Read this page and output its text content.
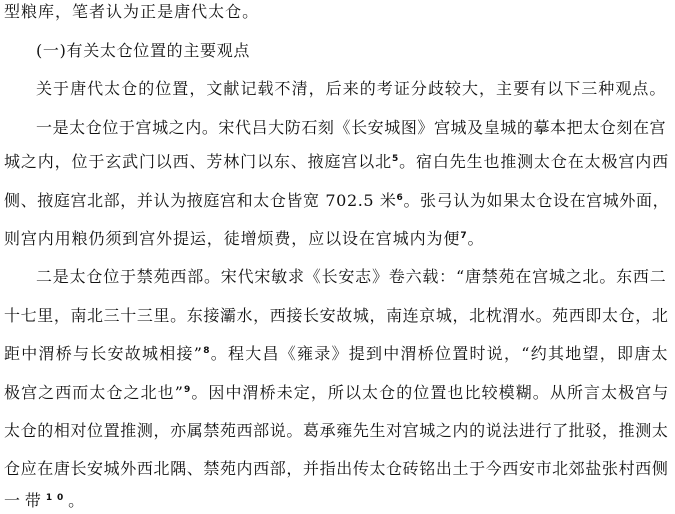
型粮库，笔者认为正是唐代太仓。
(一)有关太仓位置的主要观点
关于唐代太仓的位置，文献记载不清，后来的考证分歧较大，主要有以下三种观点。
一是太仓位于宫城之内。宋代吕大防石刻《长安城图》宫城及皇城的摹本把太仓刻在宫
城之内，位于玄武门以西、芳林门以东、掖庭宫以北$^5$。宿白先生也推测太仓在太极宫内西
侧、掖庭宫北部，并认为掖庭宫和太仓皆宽 702.5 米$^6$。张弓认为如果太仓设在宫城外面，
则宫内用粮仍须到宫外提运，徒增烦费，应以设在宫城内为便$^7$。
二是太仓位于禁苑西部。宋代宋敏求《长安志》卷六载：“唐禁苑在宫城之北。东西二
十七里，南北三十三里。东接灞水，西接长安故城，南连京城，北枕渭水。苑西即太仓，北
距中渭桥与长安故城相接”$^8$。程大昌《雍录》提到中渭桥位置时说，“约其地望，即唐太
极宫之西而太仓之北也”$^9$。因中渭桥未定，所以太仓的位置也比较模糊。从所言太极宫与
太仓的相对位置推测，亦属禁苑西部说。葛承雍先生对宫城之内的说法进行了批驳，推测太
仓应在唐长安城外西北隅、禁苑内西部，并指出传太仓砖铭出土于今西安市北郊盐张村西侧
一带$^{10}$。
